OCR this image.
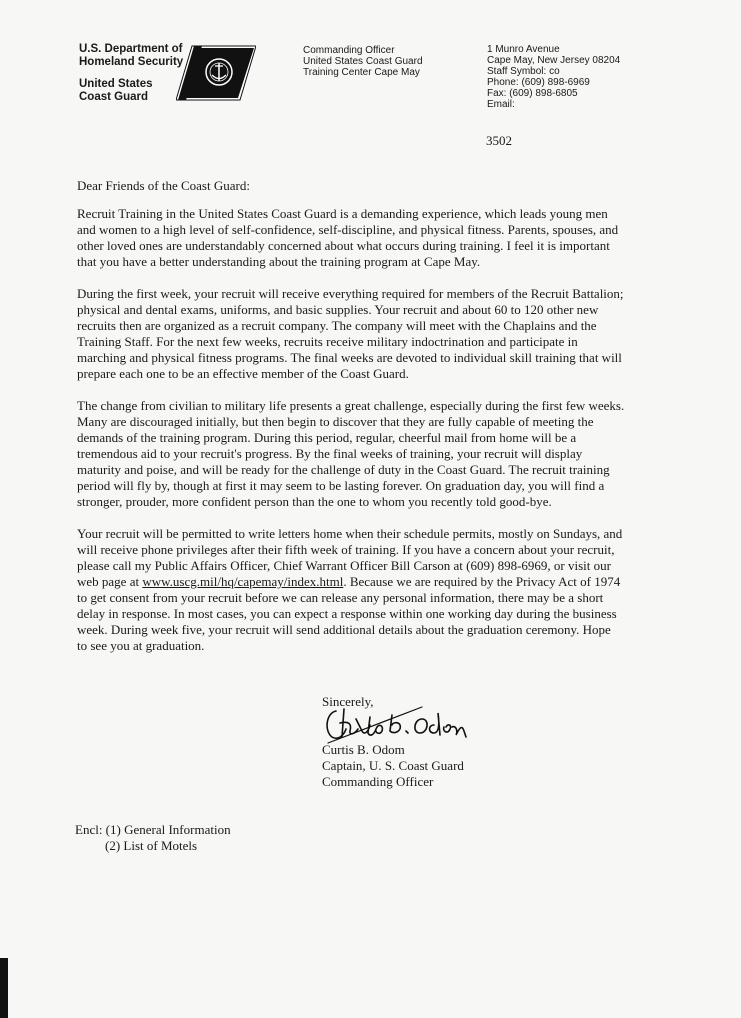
U.S. Department of
Homeland Security
United States
Coast Guard
Commanding Officer
United States Coast Guard
Training Center Cape May
1 Munro Avenue
Cape May, New Jersey 08204
Staff Symbol: co
Phone: (609) 898-6969
Fax: (609) 898-6805
Email:
3502

Dear Friends of the Coast Guard:

Recruit Training in the United States Coast Guard is a demanding experience, which leads young men
and women to a high level of self-confidence, self-discipline, and physical fitness. Parents, spouses, and
other loved ones are understandably concerned about what occurs during training. I feel it is important
that you have a better understanding about the training program at Cape May.

During the first week, your recruit will receive everything required for members of the Recruit Battalion;
physical and dental exams, uniforms, and basic supplies. Your recruit and about 60 to 120 other new
recruits then are organized as a recruit company. The company will meet with the Chaplains and the
Training Staff. For the next few weeks, recruits receive military indoctrination and participate in
marching and physical fitness programs. The final weeks are devoted to individual skill training that will
prepare each one to be an effective member of the Coast Guard.

The change from civilian to military life presents a great challenge, especially during the first few weeks.
Many are discouraged initially, but then begin to discover that they are fully capable of meeting the
demands of the training program. During this period, regular, cheerful mail from home will be a
tremendous aid to your recruit's progress. By the final weeks of training, your recruit will display
maturity and poise, and will be ready for the challenge of duty in the Coast Guard. The recruit training
period will fly by, though at first it may seem to be lasting forever. On graduation day, you will find a
stronger, prouder, more confident person than the one to whom you recently told good-bye.

Your recruit will be permitted to write letters home when their schedule permits, mostly on Sundays, and
will receive phone privileges after their fifth week of training. If you have a concern about your recruit,
please call my Public Affairs Officer, Chief Warrant Officer Bill Carson at (609) 898-6969, or visit our
web page at www.uscg.mil/hq/capemay/index.html. Because we are required by the Privacy Act of 1974
to get consent from your recruit before we can release any personal information, there may be a short
delay in response. In most cases, you can expect a response within one working day during the business
week. During week five, your recruit will send additional details about the graduation ceremony. Hope
to see you at graduation.

Sincerely,
Curtis B. Odom
Captain, U. S. Coast Guard
Commanding Officer
Encl: (1) General Information
(2) List of Motels
